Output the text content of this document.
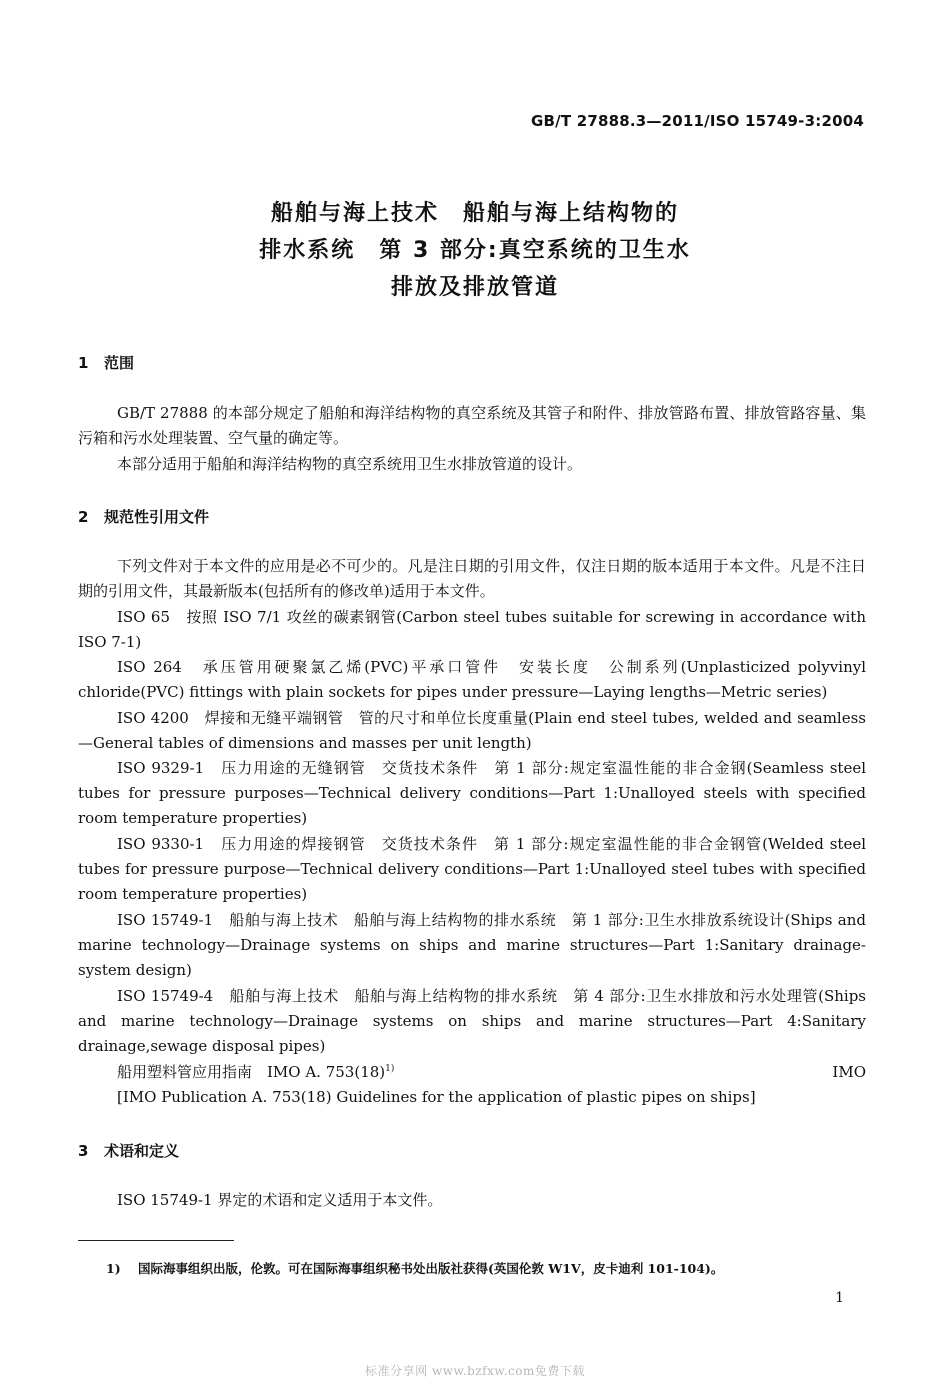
GB/T 27888.3—2011/ISO 15749-3:2004
船舶与海上技术　船舶与海上结构物的
排水系统　第 3 部分:真空系统的卫生水
排放及排放管道
1 范围
GB/T 27888 的本部分规定了船舶和海洋结构物的真空系统及其管子和附件、排放管路布置、排放管路容量、集污箱和污水处理装置、空气量的确定等。
本部分适用于船舶和海洋结构物的真空系统用卫生水排放管道的设计。
2 规范性引用文件
下列文件对于本文件的应用是必不可少的。凡是注日期的引用文件，仅注日期的版本适用于本文件。凡是不注日期的引用文件，其最新版本(包括所有的修改单)适用于本文件。
ISO 65　按照 ISO 7/1 攻丝的碳素钢管(Carbon steel tubes suitable for screwing in accordance with ISO 7-1)
ISO 264　承压管用硬聚氯乙烯(PVC)平承口管件　安装长度　公制系列(Unplasticized polyvinyl chloride(PVC) fittings with plain sockets for pipes under pressure—Laying lengths—Metric series)
ISO 4200　焊接和无缝平端钢管　管的尺寸和单位长度重量(Plain end steel tubes, welded and seamless—General tables of dimensions and masses per unit length)
ISO 9329-1　压力用途的无缝钢管　交货技术条件　第 1 部分:规定室温性能的非合金钢(Seamless steel tubes for pressure purposes—Technical delivery conditions—Part 1:Unalloyed steels with specified room temperature properties)
ISO 9330-1　压力用途的焊接钢管　交货技术条件　第 1 部分:规定室温性能的非合金钢管(Welded steel tubes for pressure purpose—Technical delivery conditions—Part 1:Unalloyed steel tubes with specified room temperature properties)
ISO 15749-1　船舶与海上技术　船舶与海上结构物的排水系统　第 1 部分:卫生水排放系统设计(Ships and marine technology—Drainage systems on ships and marine structures—Part 1:Sanitary drainage-system design)
ISO 15749-4　船舶与海上技术　船舶与海上结构物的排水系统　第 4 部分:卫生水排放和污水处理管(Ships and marine technology—Drainage systems on ships and marine structures—Part 4:Sanitary drainage,sewage disposal pipes)
船用塑料管应用指南　IMO A. $753(18)^{1)}$	IMO
[IMO Publication A. 753(18) Guidelines for the application of plastic pipes on ships]
3 术语和定义
ISO 15749-1 界定的术语和定义适用于本文件。
1) 国际海事组织出版，伦敦。可在国际海事组织秘书处出版社获得(英国伦敦 W1V，皮卡迪利 101-104)。
1
标准分享网 www.bzfxw.com免费下载
